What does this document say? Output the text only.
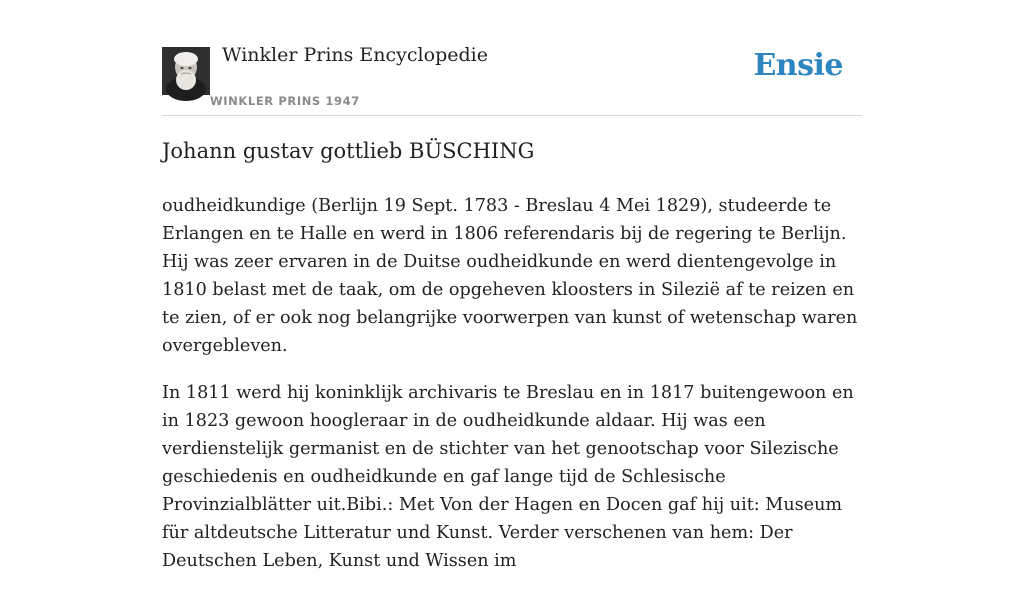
Winkler Prins Encyclopedie
WINKLER PRINS 1947
Ensie
Johann gustav gottlieb BÜSCHING

oudheidkundige (Berlijn 19 Sept. 1783 - Breslau 4 Mei 1829), studeerde te Erlangen en te Halle en werd in 1806 referendaris bij de regering te Berlijn. Hij was zeer ervaren in de Duitse oudheidkunde en werd dientengevolge in 1810 belast met de taak, om de opgeheven kloosters in Silezië af te reizen en te zien, of er ook nog belangrijke voorwerpen van kunst of wetenschap waren overgebleven.

In 1811 werd hij koninklijk archivaris te Breslau en in 1817 buitengewoon en in 1823 gewoon hoogleraar in de oudheidkunde aldaar. Hij was een verdienstelijk germanist en de stichter van het genootschap voor Silezische geschiedenis en oudheidkunde en gaf lange tijd de Schlesische Provinzialblätter uit.Bibi.: Met Von der Hagen en Docen gaf hij uit: Museum für altdeutsche Litteratur und Kunst. Verder verschenen van hem: Der Deutschen Leben, Kunst und Wissen im
